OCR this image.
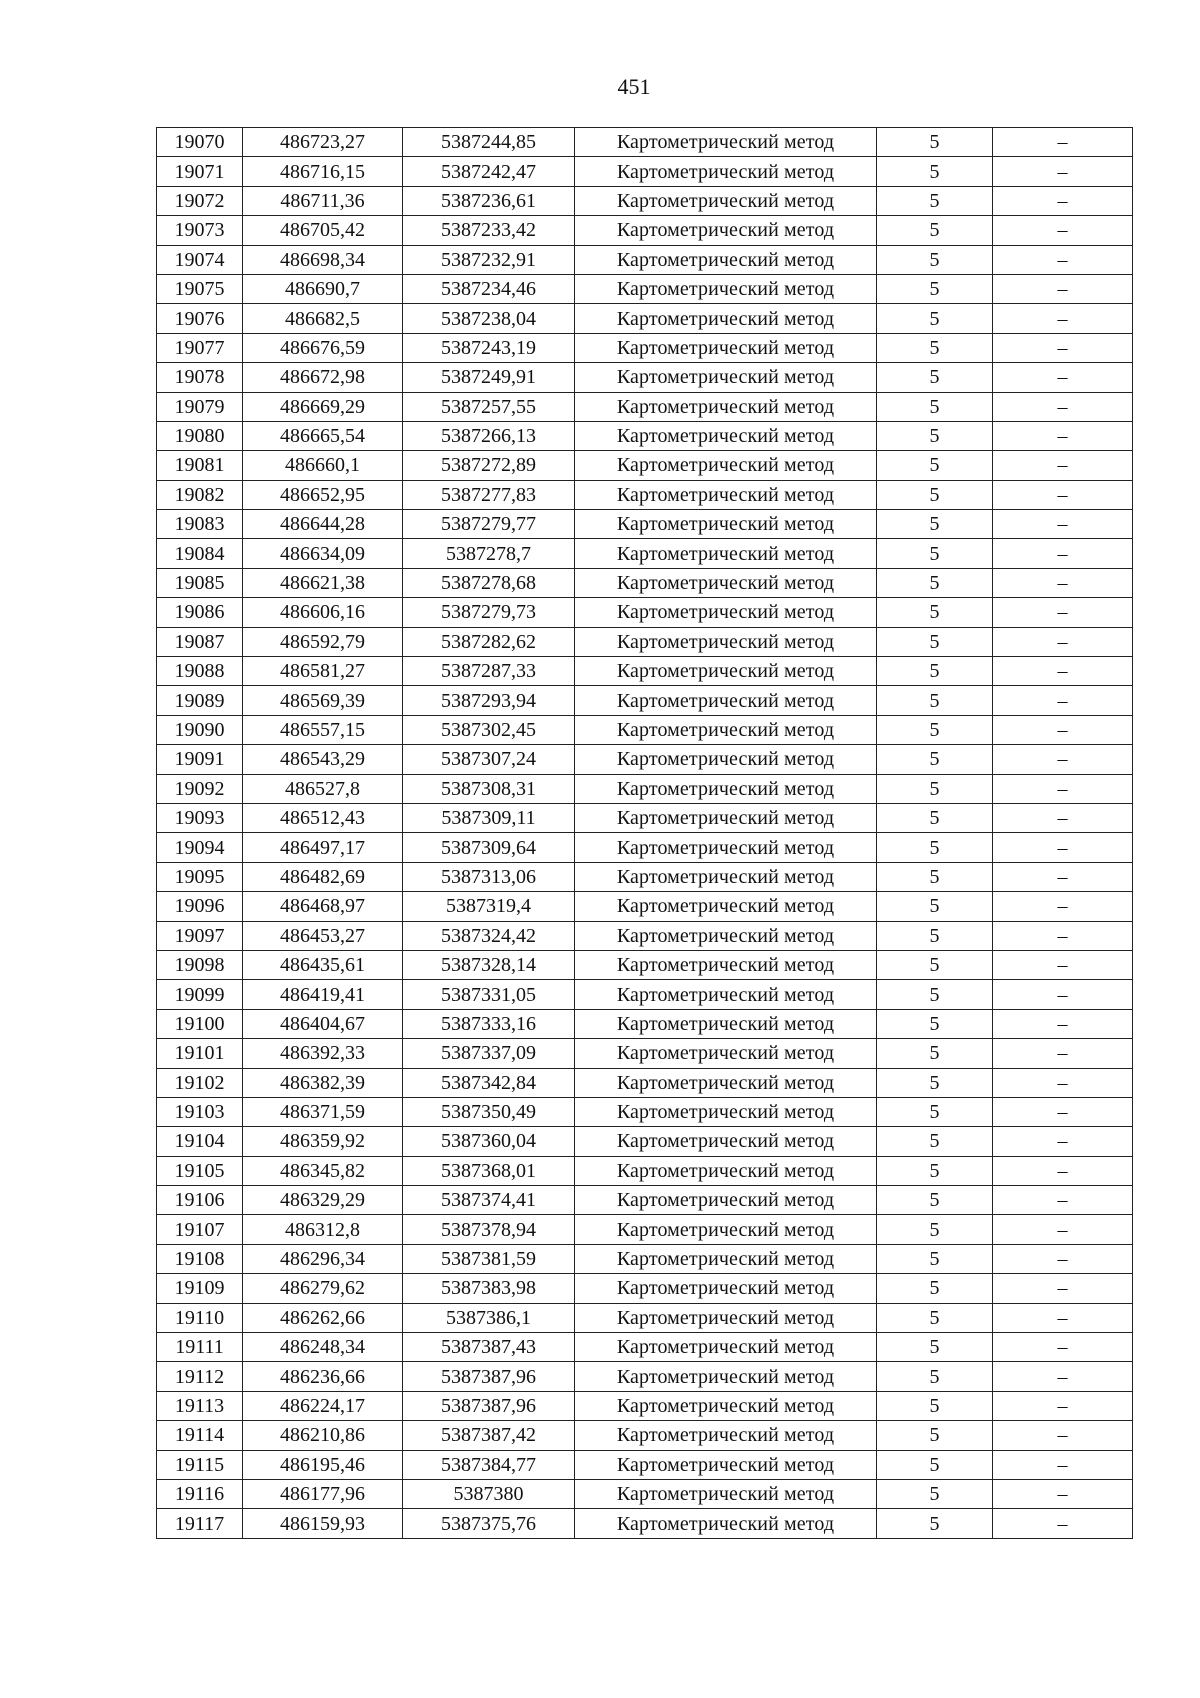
451
19070	486723,27	5387244,85	Картометрический метод	5	–
19071	486716,15	5387242,47	Картометрический метод	5	–
19072	486711,36	5387236,61	Картометрический метод	5	–
19073	486705,42	5387233,42	Картометрический метод	5	–
19074	486698,34	5387232,91	Картометрический метод	5	–
19075	486690,7	5387234,46	Картометрический метод	5	–
19076	486682,5	5387238,04	Картометрический метод	5	–
19077	486676,59	5387243,19	Картометрический метод	5	–
19078	486672,98	5387249,91	Картометрический метод	5	–
19079	486669,29	5387257,55	Картометрический метод	5	–
19080	486665,54	5387266,13	Картометрический метод	5	–
19081	486660,1	5387272,89	Картометрический метод	5	–
19082	486652,95	5387277,83	Картометрический метод	5	–
19083	486644,28	5387279,77	Картометрический метод	5	–
19084	486634,09	5387278,7	Картометрический метод	5	–
19085	486621,38	5387278,68	Картометрический метод	5	–
19086	486606,16	5387279,73	Картометрический метод	5	–
19087	486592,79	5387282,62	Картометрический метод	5	–
19088	486581,27	5387287,33	Картометрический метод	5	–
19089	486569,39	5387293,94	Картометрический метод	5	–
19090	486557,15	5387302,45	Картометрический метод	5	–
19091	486543,29	5387307,24	Картометрический метод	5	–
19092	486527,8	5387308,31	Картометрический метод	5	–
19093	486512,43	5387309,11	Картометрический метод	5	–
19094	486497,17	5387309,64	Картометрический метод	5	–
19095	486482,69	5387313,06	Картометрический метод	5	–
19096	486468,97	5387319,4	Картометрический метод	5	–
19097	486453,27	5387324,42	Картометрический метод	5	–
19098	486435,61	5387328,14	Картометрический метод	5	–
19099	486419,41	5387331,05	Картометрический метод	5	–
19100	486404,67	5387333,16	Картометрический метод	5	–
19101	486392,33	5387337,09	Картометрический метод	5	–
19102	486382,39	5387342,84	Картометрический метод	5	–
19103	486371,59	5387350,49	Картометрический метод	5	–
19104	486359,92	5387360,04	Картометрический метод	5	–
19105	486345,82	5387368,01	Картометрический метод	5	–
19106	486329,29	5387374,41	Картометрический метод	5	–
19107	486312,8	5387378,94	Картометрический метод	5	–
19108	486296,34	5387381,59	Картометрический метод	5	–
19109	486279,62	5387383,98	Картометрический метод	5	–
19110	486262,66	5387386,1	Картометрический метод	5	–
19111	486248,34	5387387,43	Картометрический метод	5	–
19112	486236,66	5387387,96	Картометрический метод	5	–
19113	486224,17	5387387,96	Картометрический метод	5	–
19114	486210,86	5387387,42	Картометрический метод	5	–
19115	486195,46	5387384,77	Картометрический метод	5	–
19116	486177,96	5387380	Картометрический метод	5	–
19117	486159,93	5387375,76	Картометрический метод	5	–
